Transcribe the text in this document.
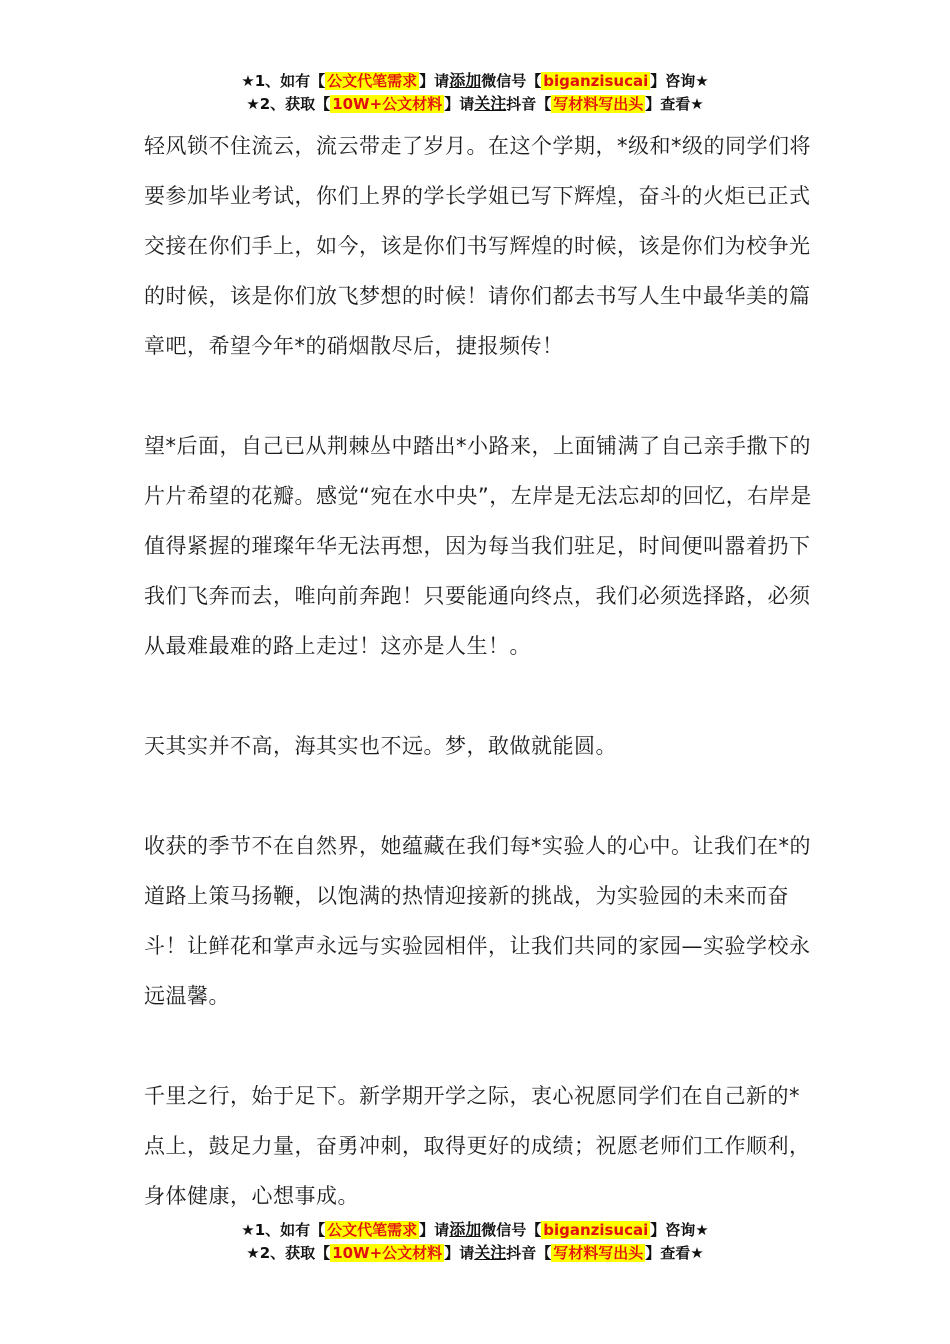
★1、如有【 公文代笔需求 】请添加微信号【 biganzisucai 】咨询★
★2、获取【 10W+公文材料 】请关注抖音【 写材料写出头 】查看★

轻风锁不住流云，流云带走了岁月。在这个学期，*级和*级的同学们将要参加毕业考试，你们上界的学长学姐已写下辉煌，奋斗的火炬已正式交接在你们手上，如今，该是你们书写辉煌的时候，该是你们为校争光的时候，该是你们放飞梦想的时候！请你们都去书写人生中最华美的篇章吧，希望今年*的硝烟散尽后，捷报频传！

望*后面，自己已从荆棘丛中踏出*小路来，上面铺满了自己亲手撒下的片片希望的花瓣。感觉“宛在水中央”，左岸是无法忘却的回忆，右岸是值得紧握的璀璨年华无法再想，因为每当我们驻足，时间便叫嚣着扔下我们飞奔而去，唯向前奔跑！只要能通向终点，我们必须选择路，必须从最难最难的路上走过！这亦是人生！。

天其实并不高，海其实也不远。梦，敢做就能圆。

收获的季节不在自然界，她蕴藏在我们每*实验人的心中。让我们在*的道路上策马扬鞭，以饱满的热情迎接新的挑战，为实验园的未来而奋斗！让鲜花和掌声永远与实验园相伴，让我们共同的家园—实验学校永远温馨。

千里之行，始于足下。新学期开学之际，衷心祝愿同学们在自己新的*点上，鼓足力量，奋勇冲刺，取得更好的成绩；祝愿老师们工作顺利，身体健康，心想事成。

★1、如有【 公文代笔需求 】请添加微信号【 biganzisucai 】咨询★
★2、获取【 10W+公文材料 】请关注抖音【 写材料写出头 】查看★
